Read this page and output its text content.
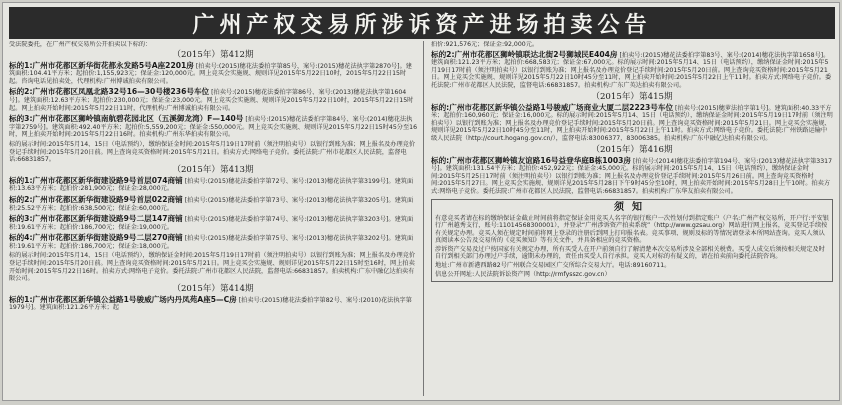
广州产权交易所涉诉资产进场拍卖公告

受法院委托，在广州产权交易所公开拍卖以下标的：

（2015年）第412期
标的1:广州市花都区新华街花都永发路5号A座2201房 [拍卖号:(2015)穗花法委拍字第85号、案号:(2015)穗花法执字第2870号]。建筑面积:104.41平方米；起拍价:1,155,923元；保证金:120,000元。网上竞买会实施规、规则详见2015年5月22日10时，2015年5月22日15时起。咨询电话见拍卖处，代理机构:广州博诚拍卖有限公司。
标的2:广州市花都区凤凰北路32号16—30号楼236号车位 [拍卖号:(2015)穗花法委拍字第86号、案号:(2013)穗花法执字第1604号]。建筑面积:12.63平方米；起拍价:230,000元；保证金:23,000元。网上竞买会实施规、规则详见2015年5月22日10时，2015年5月22日15时起。网上拍卖开始时间:2015年5月22日11时，代理机构:广州博诚拍卖有限公司。
标的3:广州市花都区狮岭镇南航碧花园北区（五溪御龙湾）F—140号 [拍卖号:(2015)穗花法委拍字第84号、案号:(2014)穗花法执字第2759号]。建筑面积:492.40平方米；起拍价:5,559,200元；保证金:550,000元。网上竞买会实施规、规则详见2015年5月22日15时45分至16时，网上拍卖开始时间:2015年5月22日16时。拍卖机构:广州东华拍卖有限公司。

标的展示时间:2015年5月14、15日（电话预约），缴纳保证金时间:2015年5月19日17时前（须注明拍卖号）以银行到账为准；网上报名及办理竞价登记手续时间:2015年5月20日前。网上查询竞买资格时间:2015年5月21日。拍卖方式:网络电子竞价。委托法院:广州市花都区人民法院，监督电话:66831857。

（2015年）第413期
标的1:广州市花都区新华街建设路9号首层074商铺 [拍卖号:(2015)穗花法委拍字第72号、案号:(2013)穗花法执字第3199号]。建筑面积:13.63平方米；起拍价:281,900元；保证金:28,000元。
标的2:广州市花都区新华街建设路9号首层022商铺 [拍卖号:(2015)穗花法委拍字第73号、案号:(2013)穗花法执字第3205号]。建筑面积:25.52平方米；起拍价:638,500元；保证金:60,000元。
标的3:广州市花都区新华街建设路9号二层147商铺 [拍卖号:(2015)穗花法委拍字第74号、案号:(2013)穗花法执字第3203号]。建筑面积:19.61平方米；起拍价:186,700元；保证金:19,000元。
标的4:广州市花都区新华街建设路9号二层270商铺 [拍卖号:(2015)穗花法委拍字第75号、案号:(2013)穗花法执字第3202号]。建筑面积:19.61平方米；起拍价:186,700元；保证金:18,000元。

标的展示时间:2015年5月14、15日（电话预约），缴纳保证金时间:2015年5月19日17时前（须注明拍卖号）以银行到账为准；网上报名及办理竞价登记手续时间:2015年5月20日前。网上查询竞买资格时间:2015年5月21日。网上竞买会实施规、规则详见2015年5月22日15时至16时，网上拍卖开始时间:2015年5月22日16时。拍卖方式:网络电子竞价。委托法院:广州市花都区人民法院，监督电话:66831857。拍卖机构:广东中融亿达拍卖有限公司。

（2015年）第414期
标的1:广州市花都区新华镇公益路1号骏威广场内丹凤苑A座5—C房 [拍卖号:(2015)穗花法委拍字第82号、案号:(2010)花法执字第1979号]。建筑面积:121.26平方米；起

拍价:921,576元；保证金:92,000元。

标的2:广州市花都区狮岭镇联达北街2号狮城民E404房 [拍卖号:(2015)穗花法委拍字第83号、案号:(2014)穗花法执字第1658号]。建筑面积:121.23平方米；起拍价:668,583元；保证金:67,000元。标的展示时间:2015年5月14、15日（电话预约），缴纳保证金时间:2015年5月19日17时前（须注明拍卖号）以银行到账为准；网上报名及办理竞价登记手续时间:2015年5月20日前。网上查询竞买资格时间:2015年5月21日。网上竞买会实施规、规则详见2015年5月22日10时45分至11时，网上拍卖开始时间:2015年5月22日上午11时。拍卖方式:网络电子竞价。委托法院:广州市花都区人民法院，监督电话:66831857。拍卖机构:广东广英达拍卖有限公司。
（2015年）第415期
标的:广州市花都区新华镇公益路1号骏威广场商业大厦二层2223号车位 [拍卖号:(2015)穗萝法拍字第1号]。建筑面积:40.33平方米；起拍价:160,960元；保证金:16,000元。标的展示时间:2015年5月14、15日（电话预约），缴纳保证金时间:2015年5月19日17时前（须注明拍卖号）以银行到账为准；网上报名及办理竞价登记手续时间:2015年5月20日前。网上查询竞买资格时间:2015年5月21日。网上竞买会实施规、规则详见2015年5月22日10时45分至11时，网上拍卖开始时间:2015年5月22日上午11时。拍卖方式:网络电子竞价。委托法院:广州铁路运输中级人民法院（http://court.hogang.gov.cn/），监督电话:83006377、83006385。拍卖机构:广东中融亿达拍卖有限公司。
（2015年）第416期
标的:广州市花都区狮岭镇友谊路16号益登华庭B栋1003房 [拍卖号:(2014)穗花法委拍字第194号、案号:(2013)穗花法执字第3317号]。建筑面积:131.54平方米；起拍价:452,922元；保证金:45,000元。标的展示时间:2015年5月14、15日（电话预约），缴纳保证金时间:2015年5月25日17时前（须注明拍卖号）以银行到账为准；网上报名及办理竞价登记手续时间:2015年5月26日前。网上查询竞买资格时间:2015年5月27日。网上竞买会实施规、规则详见2015年5月28日下午9时45分至10时，网上拍卖开始时间:2015年5月28日上午10时。拍卖方式:网络电子竞价。委托法院:广州市花都区人民法院，监督电话:66831857。拍卖机构:广东华友拍卖有限公司。
须知

有意竞买者请在标的缴纳保证金截止时间前将指定保证金用竞买人名字的银行账户一次性划付到指定账户（户名:广州产权交易所，开户行:平安银行广州越秀支行，账号:11014568300001），并登录“广州涉诉资产拍卖系统”（http://www.gzsau.org）网站进行网上报名，竞买登记手续按有关规定办理。竞买人须在规定时间前将网上登录的注册后到网上打印报名表。竞买事项、规则及标的等情况请登录本所网站查询。竞买人须认真阅读本公告及交易所的《竞买须知》等有关文件，并具备相应的竞买资格。

涉诉资产交易及过户按国家有关规定办理，所有买受人在开户前须自行了解清楚本次交易所涉及全部相关税费。买受人成交后须按相关规定及时自行到相关部门办理过户手续，逾期未办理的，责任由买受人自行承担。竞买人对标的有疑义的，请在拍卖前向委托法院咨询。

地址:广州市新港西路82号广州联合交易园区广交所综合交易大厅。电话:89160711。

信息公开网址:人民法院诉讼资产网（http://rmfysszc.gov.cn）
